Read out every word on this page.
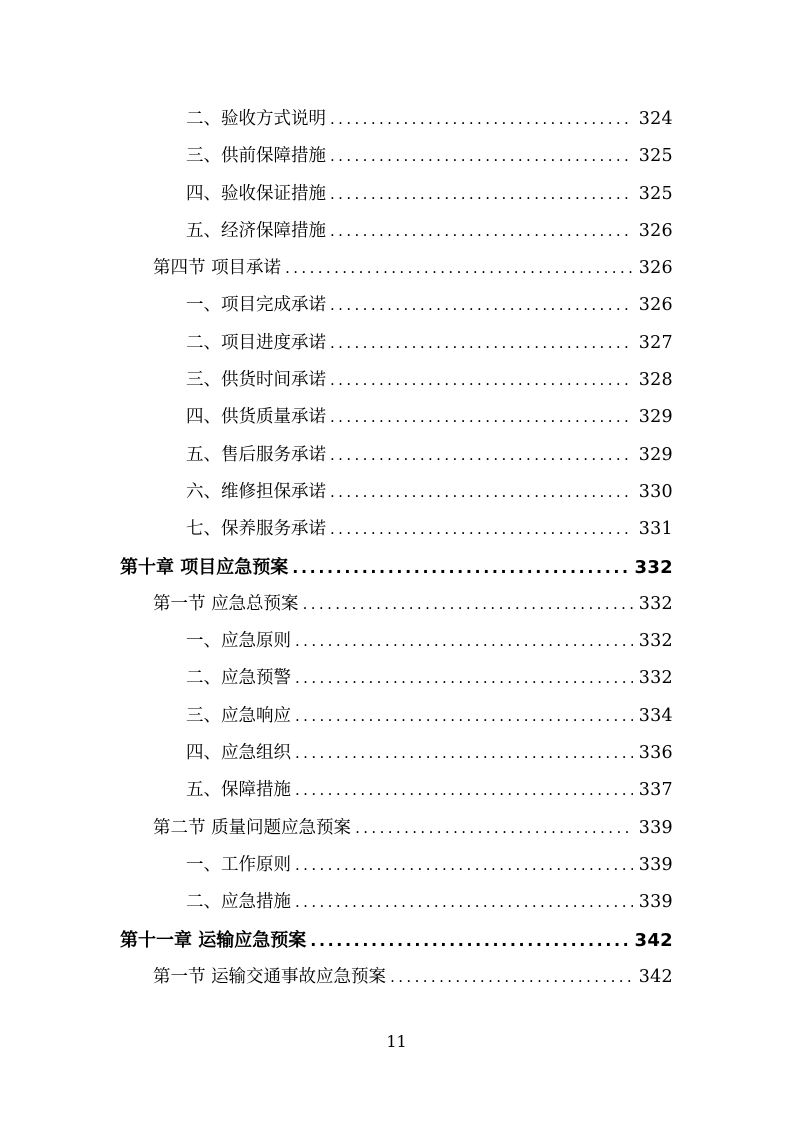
二、验收方式说明 .....	324
三、供前保障措施 .....	325
四、验收保证措施 .....	325
五、经济保障措施 .....	326
第四节 项目承诺 .....	326
一、项目完成承诺 .....	326
二、项目进度承诺 .....	327
三、供货时间承诺 .....	328
四、供货质量承诺 .....	329
五、售后服务承诺 .....	329
六、维修担保承诺 .....	330
七、保养服务承诺 .....	331
第十章 项目应急预案 .....	332
第一节 应急总预案 .....	332
一、应急原则 .....	332
二、应急预警 .....	332
三、应急响应 .....	334
四、应急组织 .....	336
五、保障措施 .....	337
第二节 质量问题应急预案 .....	339
一、工作原则 .....	339
二、应急措施 .....	339
第十一章 运输应急预案 .....	342
第一节 运输交通事故应急预案 .....	342
11
